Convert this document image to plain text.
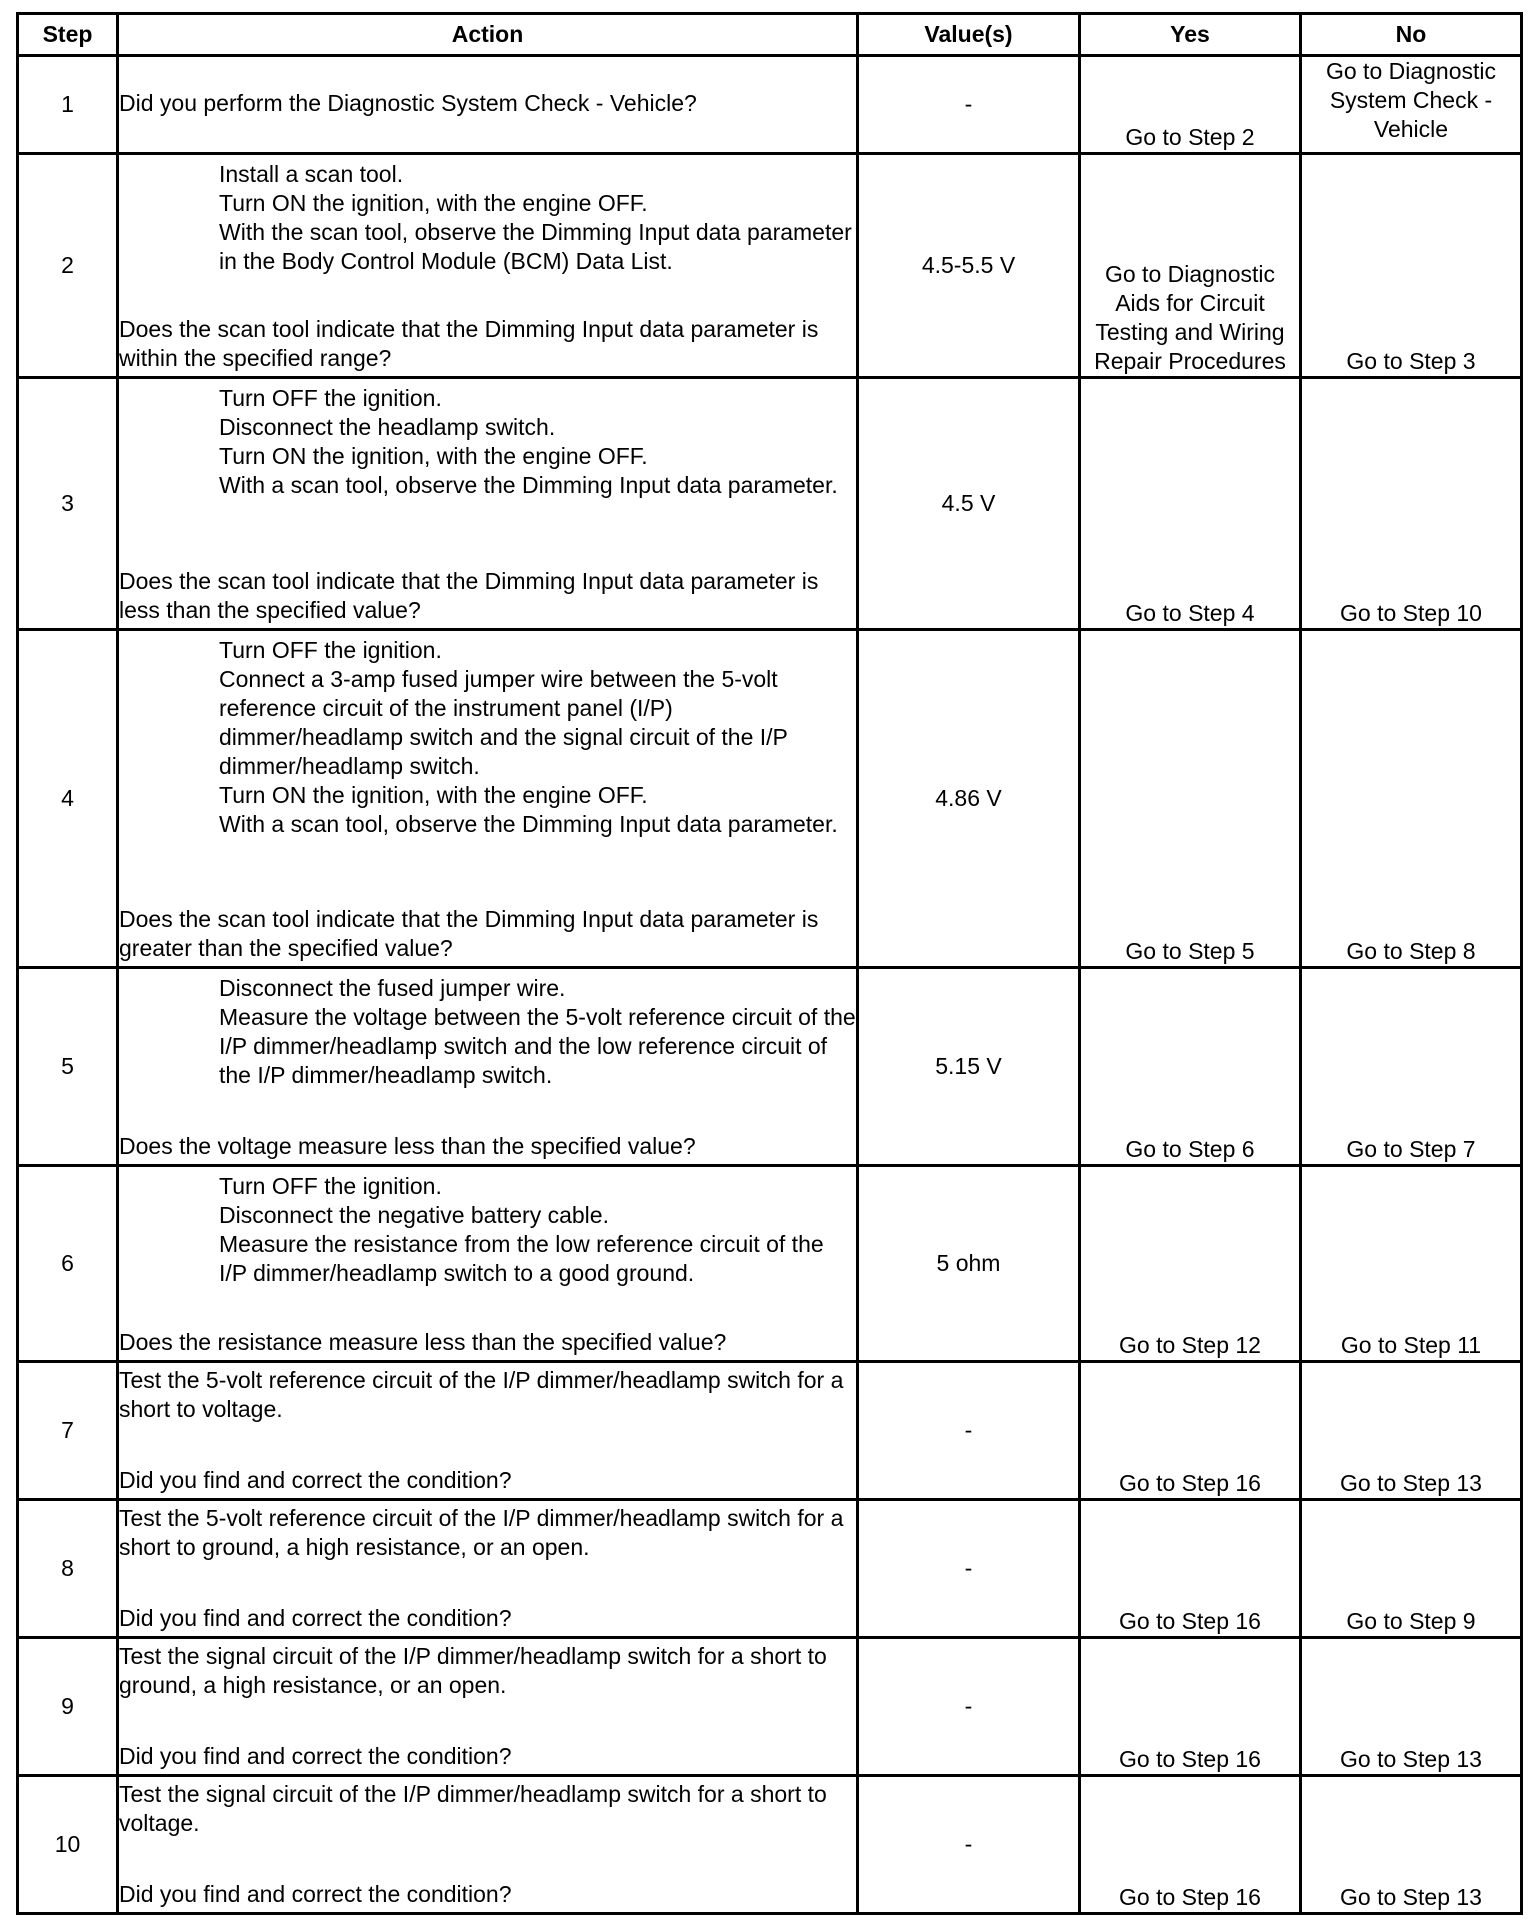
Step	Action	Value(s)	Yes	No
1	Did you perform the Diagnostic System Check - Vehicle?	-	Go to Step 2	Go to Diagnostic System Check - Vehicle
2	Install a scan tool.
Turn ON the ignition, with the engine OFF.
With the scan tool, observe the Dimming Input data parameter in the Body Control Module (BCM) Data List.
Does the scan tool indicate that the Dimming Input data parameter is within the specified range?	4.5-5.5 V	Go to Diagnostic Aids for Circuit Testing and Wiring Repair Procedures	Go to Step 3
3	Turn OFF the ignition.
Disconnect the headlamp switch.
Turn ON the ignition, with the engine OFF.
With a scan tool, observe the Dimming Input data parameter.
Does the scan tool indicate that the Dimming Input data parameter is less than the specified value?	4.5 V	Go to Step 4	Go to Step 10
4	Turn OFF the ignition.
Connect a 3-amp fused jumper wire between the 5-volt reference circuit of the instrument panel (I/P) dimmer/headlamp switch and the signal circuit of the I/P dimmer/headlamp switch.
Turn ON the ignition, with the engine OFF.
With a scan tool, observe the Dimming Input data parameter.
Does the scan tool indicate that the Dimming Input data parameter is greater than the specified value?	4.86 V	Go to Step 5	Go to Step 8
5	Disconnect the fused jumper wire.
Measure the voltage between the 5-volt reference circuit of the I/P dimmer/headlamp switch and the low reference circuit of the I/P dimmer/headlamp switch.
Does the voltage measure less than the specified value?	5.15 V	Go to Step 6	Go to Step 7
6	Turn OFF the ignition.
Disconnect the negative battery cable.
Measure the resistance from the low reference circuit of the I/P dimmer/headlamp switch to a good ground.
Does the resistance measure less than the specified value?	5 ohm	Go to Step 12	Go to Step 11
7	Test the 5-volt reference circuit of the I/P dimmer/headlamp switch for a short to voltage.
Did you find and correct the condition?	-	Go to Step 16	Go to Step 13
8	Test the 5-volt reference circuit of the I/P dimmer/headlamp switch for a short to ground, a high resistance, or an open.
Did you find and correct the condition?	-	Go to Step 16	Go to Step 9
9	Test the signal circuit of the I/P dimmer/headlamp switch for a short to ground, a high resistance, or an open.
Did you find and correct the condition?	-	Go to Step 16	Go to Step 13
10	Test the signal circuit of the I/P dimmer/headlamp switch for a short to voltage.
Did you find and correct the condition?	-	Go to Step 16	Go to Step 13
